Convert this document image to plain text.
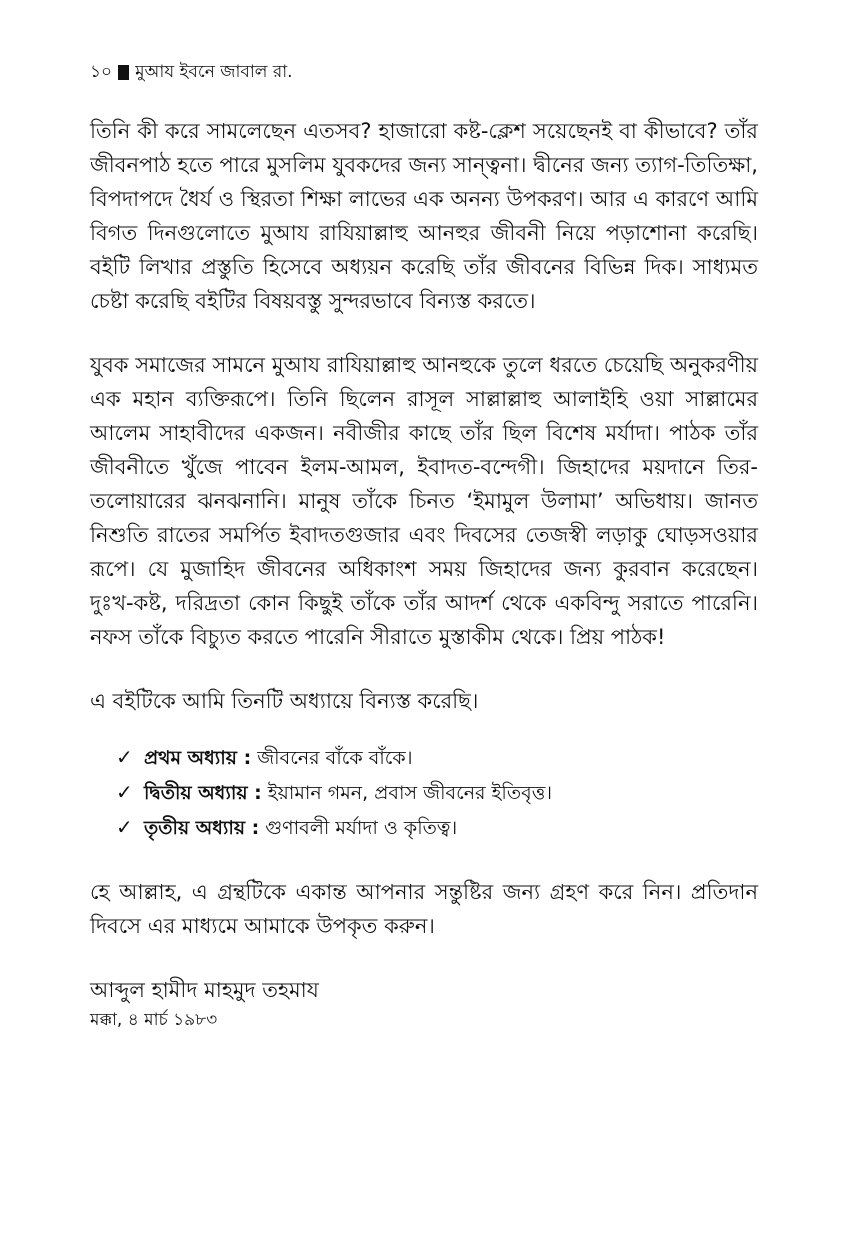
১০ মুআয ইবনে জাবাল রা.

তিনি কী করে সামলেছেন এতসব? হাজারো কষ্ট-ক্লেশ সয়েছেনই বা কীভাবে? তাঁর জীবনপাঠ হতে পারে মুসলিম যুবকদের জন্য সান্ত্বনা। দ্বীনের জন্য ত্যাগ-তিতিক্ষা, বিপদাপদে ধৈর্য ও স্থিরতা শিক্ষা লাভের এক অনন্য উপকরণ। আর এ কারণে আমি বিগত দিনগুলোতে মুআয রাযিয়াল্লাহু আনহুর জীবনী নিয়ে পড়াশোনা করেছি। বইটি লিখার প্রস্তুতি হিসেবে অধ্যয়ন করেছি তাঁর জীবনের বিভিন্ন দিক। সাধ্যমত চেষ্টা করেছি বইটির বিষয়বস্তু সুন্দরভাবে বিন্যস্ত করতে।

যুবক সমাজের সামনে মুআয রাযিয়াল্লাহু আনহুকে তুলে ধরতে চেয়েছি অনুকরণীয় এক মহান ব্যক্তিরূপে। তিনি ছিলেন রাসূল সাল্লাল্লাহু আলাইহি ওয়া সাল্লামের আলেম সাহাবীদের একজন। নবীজীর কাছে তাঁর ছিল বিশেষ মর্যাদা। পাঠক তাঁর জীবনীতে খুঁজে পাবেন ইলম-আমল, ইবাদত-বন্দেগী। জিহাদের ময়দানে তির-তলোয়ারের ঝনঝনানি। মানুষ তাঁকে চিনত ‘ইমামুল উলামা’ অভিধায়। জানত নিশুতি রাতের সমর্পিত ইবাদতগুজার এবং দিবসের তেজস্বী লড়াকু ঘোড়সওয়ার রূপে। যে মুজাহিদ জীবনের অধিকাংশ সময় জিহাদের জন্য কুরবান করেছেন। দুঃখ-কষ্ট, দরিদ্রতা কোন কিছুই তাঁকে তাঁর আদর্শ থেকে একবিন্দু সরাতে পারেনি। নফস তাঁকে বিচ্যুত করতে পারেনি সীরাতে মুস্তাকীম থেকে। প্রিয় পাঠক!

এ বইটিকে আমি তিনটি অধ্যায়ে বিন্যস্ত করেছি।

✓ প্রথম অধ্যায় : জীবনের বাঁকে বাঁকে।
✓ দ্বিতীয় অধ্যায় : ইয়ামান গমন, প্রবাস জীবনের ইতিবৃত্ত।
✓ তৃতীয় অধ্যায় : গুণাবলী মর্যাদা ও কৃতিত্ব।

হে আল্লাহ, এ গ্রন্থটিকে একান্ত আপনার সন্তুষ্টির জন্য গ্রহণ করে নিন। প্রতিদান দিবসে এর মাধ্যমে আমাকে উপকৃত করুন।

আব্দুল হামীদ মাহমুদ তহমায
মক্কা, ৪ মার্চ ১৯৮৩
